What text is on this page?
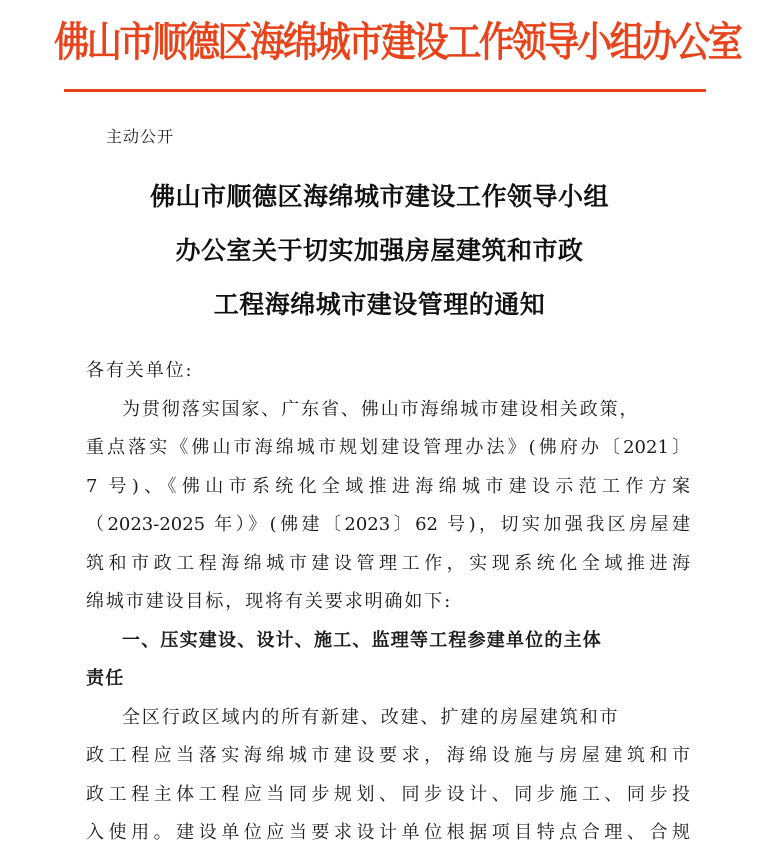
佛山市顺德区海绵城市建设工作领导小组办公室
主动公开
佛山市顺德区海绵城市建设工作领导小组
办公室关于切实加强房屋建筑和市政
工程海绵城市建设管理的通知
各有关单位:
为贯彻落实国家、广东省、佛山市海绵城市建设相关政策，
重点落实《佛山市海绵城市规划建设管理办法》(佛府办〔2021〕
7 号)、《佛山市系统化全域推进海绵城市建设示范工作方案
（2023-2025 年）》(佛建〔2023〕62 号)，切实加强我区房屋建
筑和市政工程海绵城市建设管理工作，实现系统化全域推进海
绵城市建设目标，现将有关要求明确如下:
一、压实建设、设计、施工、监理等工程参建单位的主体
责任
全区行政区域内的所有新建、改建、扩建的房屋建筑和市
政工程应当落实海绵城市建设要求，海绵设施与房屋建筑和市
政工程主体工程应当同步规划、同步设计、同步施工、同步投
入使用。建设单位应当要求设计单位根据项目特点合理、合规
